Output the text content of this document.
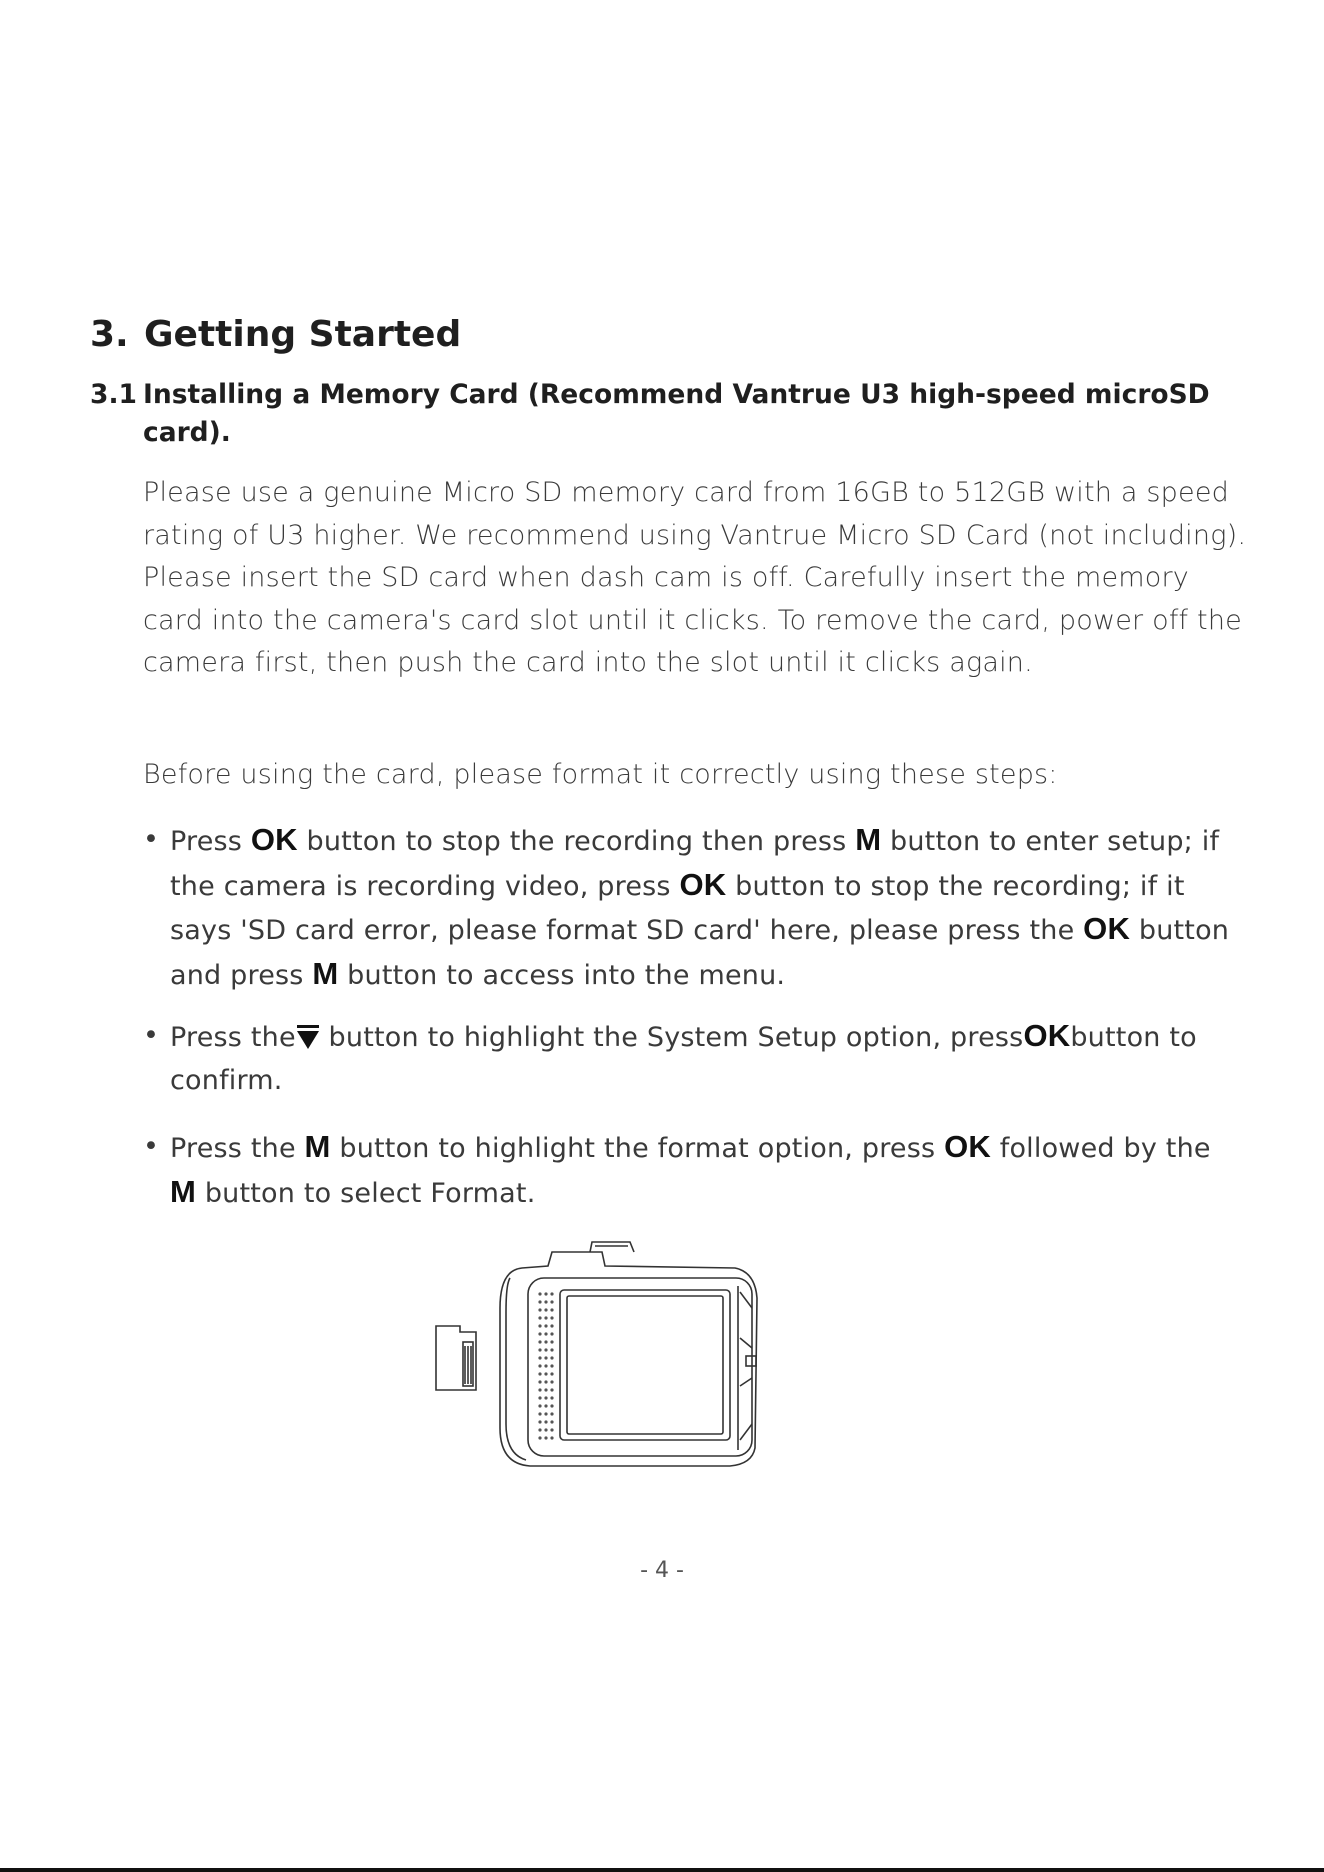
3. Getting Started
3.1 Installing a Memory Card (Recommend Vantrue U3 high-speed microSD card).
Please use a genuine Micro SD memory card from 16GB to 512GB with a speed rating of U3 higher. We recommend using Vantrue Micro SD Card (not including). Please insert the SD card when dash cam is off. Carefully insert the memory card into the camera's card slot until it clicks. To remove the card, power off the camera first, then push the card into the slot until it clicks again.
Before using the card, please format it correctly using these steps:
• Press OK button to stop the recording then press M button to enter setup; if the camera is recording video, press OK button to stop the recording; if it says 'SD card error, please format SD card' here, please press the OK button and press M button to access into the menu.
• Press the button to highlight the System Setup option, pressOKbutton to confirm.
• Press the M button to highlight the format option, press OK followed by the M button to select Format.
- 4 -
